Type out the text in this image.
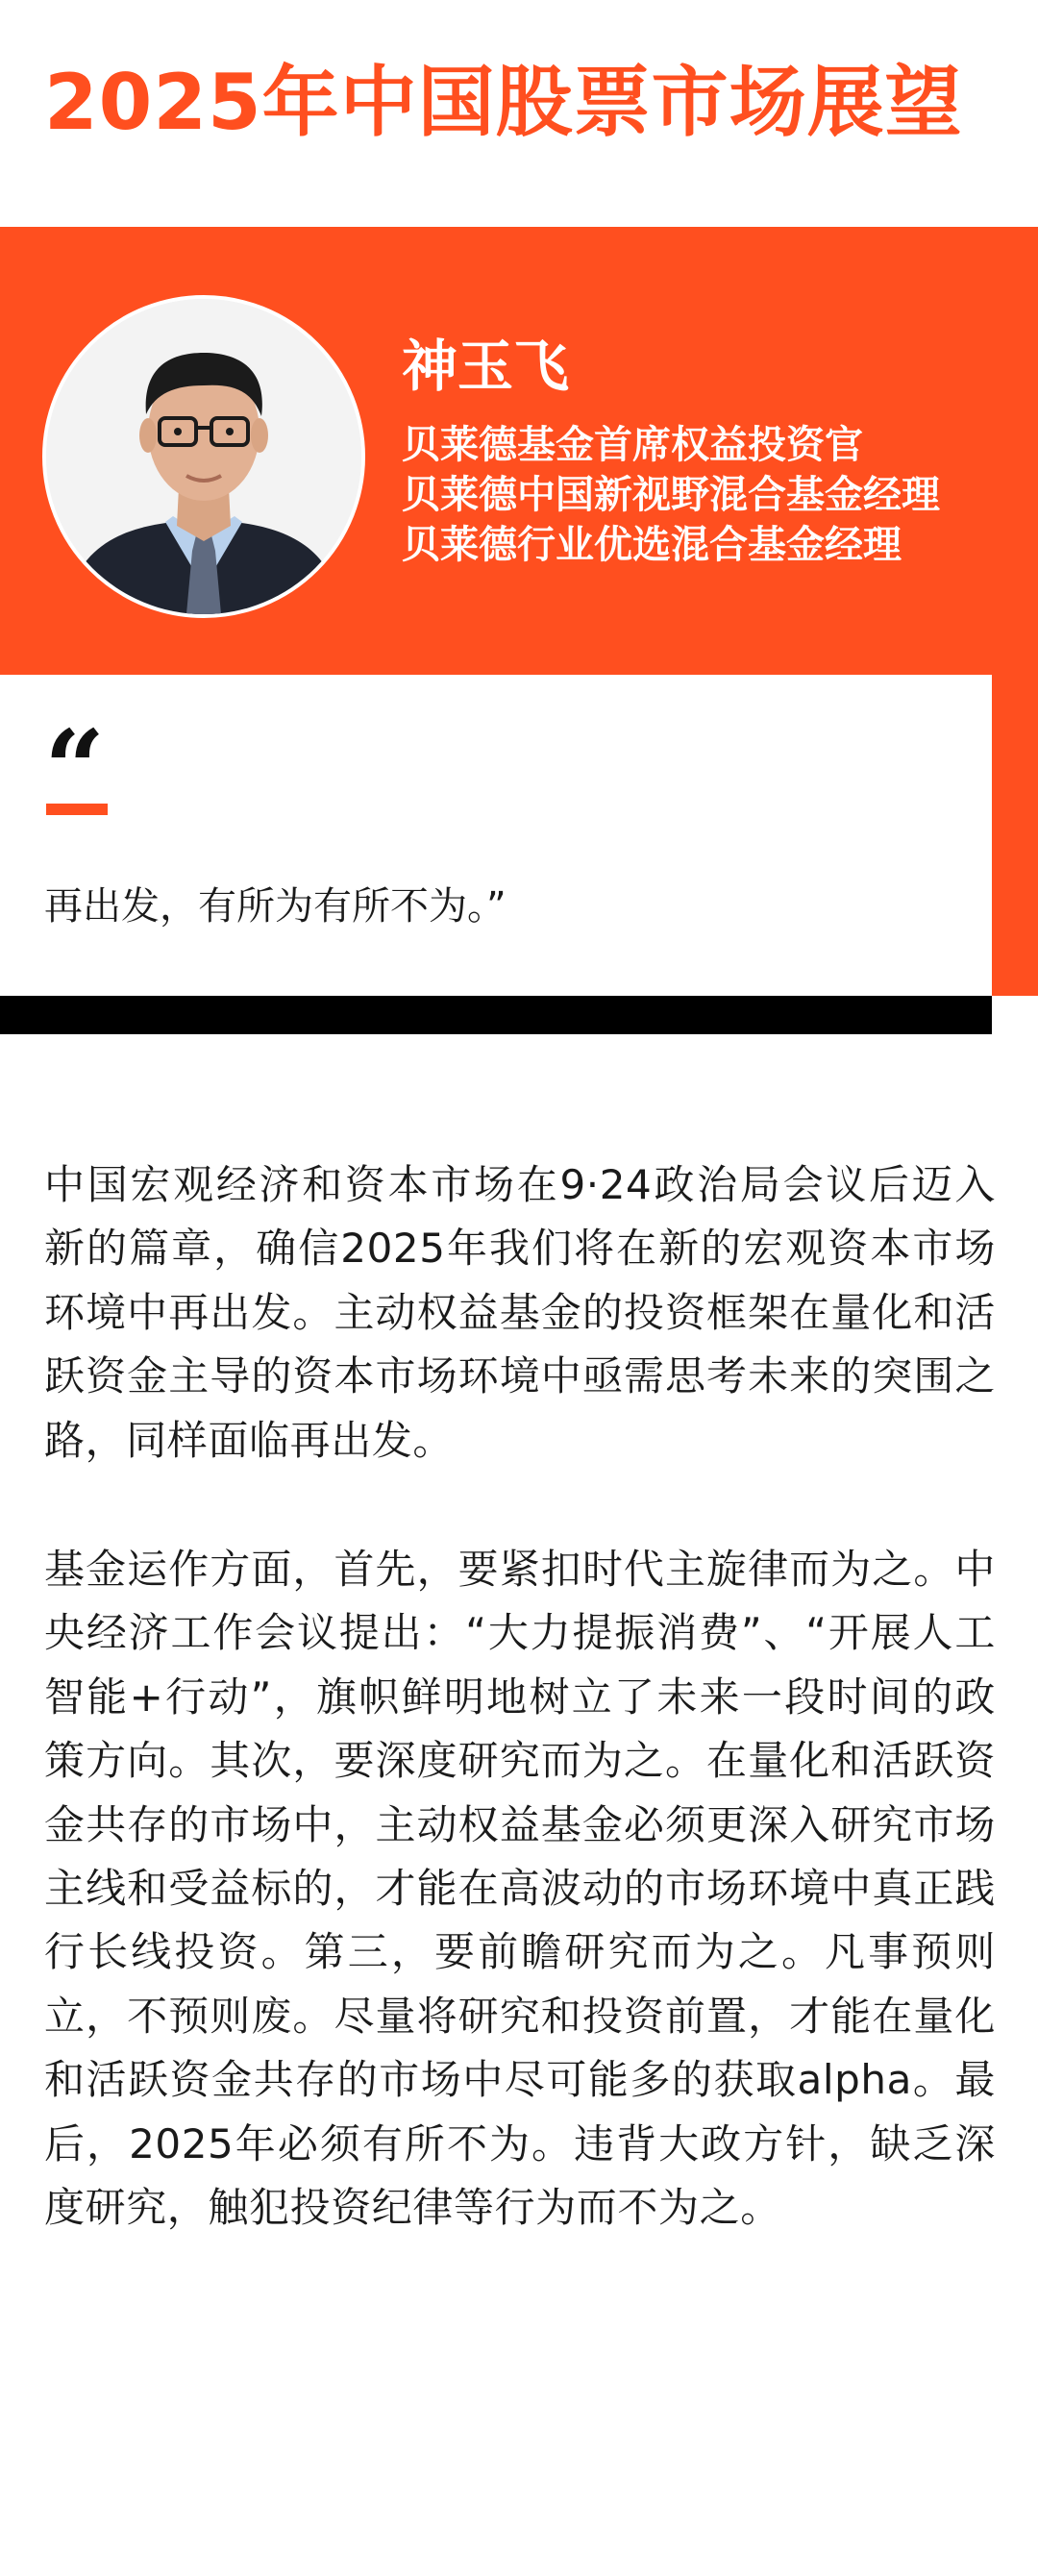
2025年中国股票市场展望
神玉飞
贝莱德基金首席权益投资官
贝莱德中国新视野混合基金经理
贝莱德行业优选混合基金经理
“
再出发，有所为有所不为。”

中国宏观经济和资本市场在9·24政治局会议后迈入新的篇章，确信2025年我们将在新的宏观资本市场环境中再出发。主动权益基金的投资框架在量化和活跃资金主导的资本市场环境中亟需思考未来的突围之路，同样面临再出发。

基金运作方面，首先，要紧扣时代主旋律而为之。中央经济工作会议提出：“大力提振消费”、“开展人工智能+行动”，旗帜鲜明地树立了未来一段时间的政策方向。其次，要深度研究而为之。在量化和活跃资金共存的市场中，主动权益基金必须更深入研究市场主线和受益标的，才能在高波动的市场环境中真正践行长线投资。第三，要前瞻研究而为之。凡事预则立，不预则废。尽量将研究和投资前置，才能在量化和活跃资金共存的市场中尽可能多的获取alpha。最后，2025年必须有所不为。违背大政方针，缺乏深度研究，触犯投资纪律等行为而不为之。
